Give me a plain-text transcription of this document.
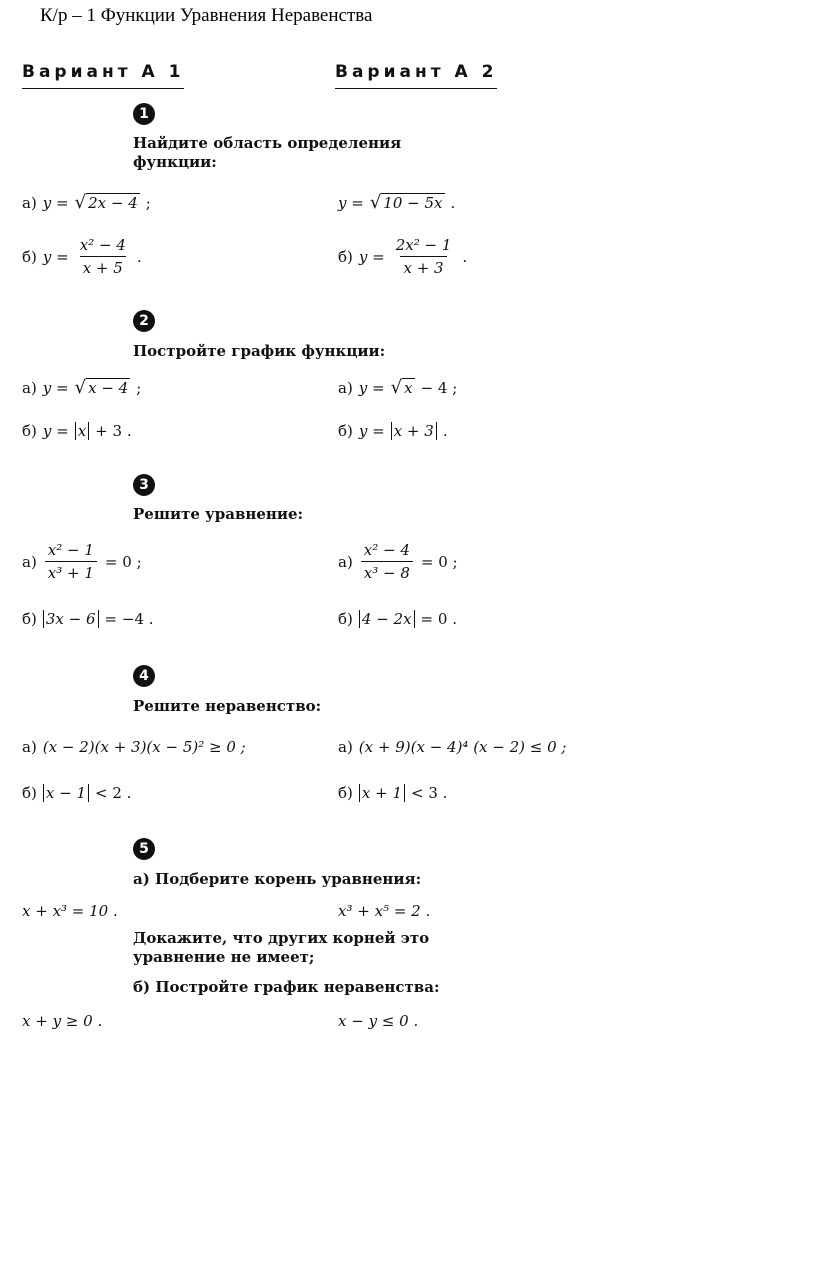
К/р – 1 Функции Уравнения Неравенства
Вариант А 1	Вариант А 2
1
Найдите область определения
функции:
а) y = √ 2x − 4 ;	y = √ 10 − 5x .
б) $y = \frac{\text{x² − 4}}{x + 5}$ .	б) $y = \frac{\text{2x² − 1}}{x + 3}$ .
2
Постройте график функции:
а) y = √ x − 4 ;	а) y = √ x − 4 ;
б) y = x + 3 .	б) y = x + 3 .
3
Решите уравнение:
$а) \frac{\text{x² − 1}}{\text{x³ + 1}} = 0$ ;	$а) \frac{\text{x² − 4}}{\text{x³ − 8}} = 0$ ;
б) 3x − 6 = −4 .	б) 4 − 2x = 0 .
4
Решите неравенство:
а) (x − 2)(x + 3)(x − 5)² ≥ 0 ;	а) (x + 9)(x − 4)⁴ (x − 2) ≤ 0 ;
б) x − 1 < 2 .	б) x + 1 < 3 .
5
а) Подберите корень уравнения:
x + x³ = 10 .	x³ + x⁵ = 2 .
Докажите, что других корней это
уравнение не имеет;
б) Постройте график неравенства:
x + y ≥ 0 .	x − y ≤ 0 .
